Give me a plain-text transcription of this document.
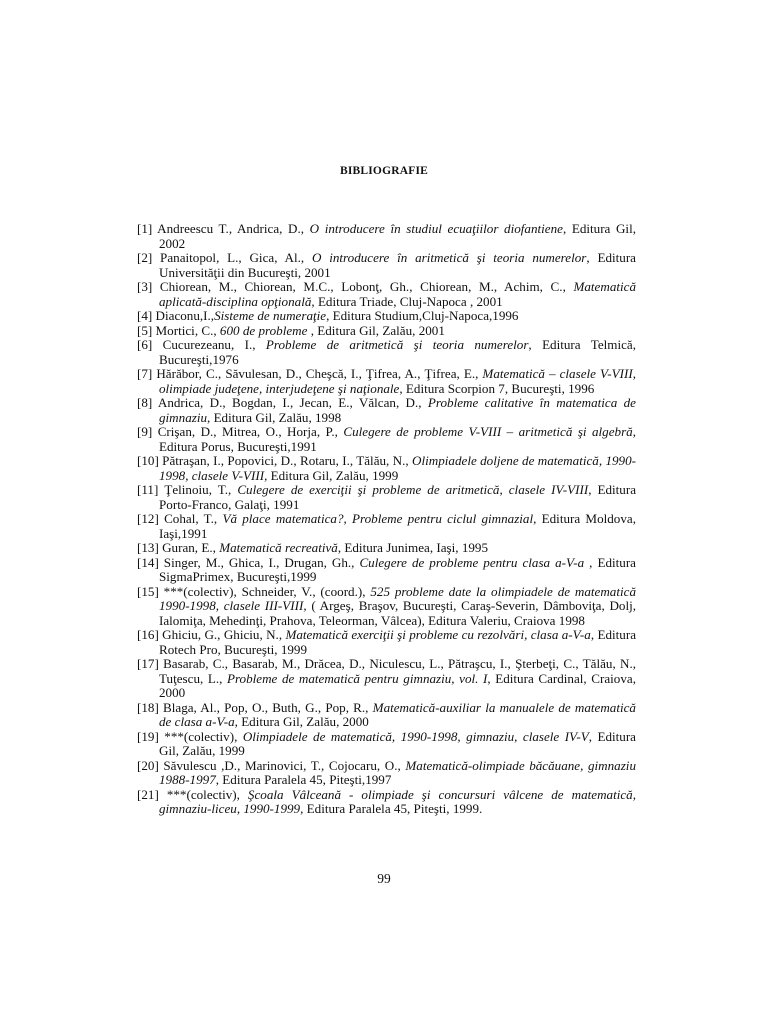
BIBLIOGRAFIE
[1] Andreescu T., Andrica, D., O introducere în studiul ecuaţiilor diofantiene, Editura Gil, 2002
[2] Panaitopol, L., Gica, Al., O introducere în aritmetică şi teoria numerelor, Editura Universităţii din Bucureşti, 2001
[3] Chiorean, M., Chiorean, M.C., Lobonţ, Gh., Chiorean, M., Achim, C., Matematică aplicată-disciplina opţională, Editura Triade, Cluj-Napoca , 2001
[4] Diaconu,I.,Sisteme de numeraţie, Editura Studium,Cluj-Napoca,1996
[5] Mortici, C., 600 de probleme , Editura Gil, Zalău, 2001
[6] Cucurezeanu, I., Probleme de aritmetică şi teoria numerelor, Editura Telmică, Bucureşti,1976
[7] Hărăbor, C., Săvulesan, D., Cheşcă, I., Ţifrea, A., Ţifrea, E., Matematică – clasele V-VIII, olimpiade judeţene, interjudeţene şi naţionale, Editura Scorpion 7, Bucureşti, 1996
[8] Andrica, D., Bogdan, I., Jecan, E., Vălcan, D., Probleme calitative în matematica de gimnaziu, Editura Gil, Zalău, 1998
[9] Crişan, D., Mitrea, O., Horja, P., Culegere de probleme V-VIII – aritmetică şi algebră, Editura Porus, Bucureşti,1991
[10] Pătraşan, I., Popovici, D., Rotaru, I., Tălău, N., Olimpiadele doljene de matematică, 1990-1998, clasele V-VIII, Editura Gil, Zalău, 1999
[11] Ţelinoiu, T., Culegere de exerciţii şi probleme de aritmetică, clasele IV-VIII, Editura Porto-Franco, Galaţi, 1991
[12] Cohal, T., Vă place matematica?, Probleme pentru ciclul gimnazial, Editura Moldova, Iaşi,1991
[13] Guran, E., Matematică recreativă, Editura Junimea, Iaşi, 1995
[14] Singer, M., Ghica, I., Drugan, Gh., Culegere de probleme pentru clasa a-V-a , Editura SigmaPrimex, Bucureşti,1999
[15] ***(colectiv), Schneider, V., (coord.), 525 probleme date la olimpiadele de matematică 1990-1998, clasele III-VIII, ( Argeş, Braşov, Bucureşti, Caraş-Severin, Dâmboviţa, Dolj, Ialomiţa, Mehedinţi, Prahova, Teleorman, Vâlcea), Editura Valeriu, Craiova 1998
[16] Ghiciu, G., Ghiciu, N., Matematică exerciţii şi probleme cu rezolvări, clasa a-V-a, Editura Rotech Pro, Bucureşti, 1999
[17] Basarab, C., Basarab, M., Drăcea, D., Niculescu, L., Pătraşcu, I., Şterbeţi, C., Tălău, N., Tuţescu, L., Probleme de matematică pentru gimnaziu, vol. I, Editura Cardinal, Craiova, 2000
[18] Blaga, Al., Pop, O., Buth, G., Pop, R., Matematică-auxiliar la manualele de matematică de clasa a-V-a, Editura Gil, Zalău, 2000
[19] ***(colectiv), Olimpiadele de matematică, 1990-1998, gimnaziu, clasele IV-V, Editura Gil, Zalău, 1999
[20] Săvulescu ,D., Marinovici, T., Cojocaru, O., Matematică-olimpiade băcăuane, gimnaziu 1988-1997, Editura Paralela 45, Piteşti,1997
[21] ***(colectiv), Şcoala Vâlceană - olimpiade şi concursuri vâlcene de matematică, gimnaziu-liceu, 1990-1999, Editura Paralela 45, Piteşti, 1999.
99
